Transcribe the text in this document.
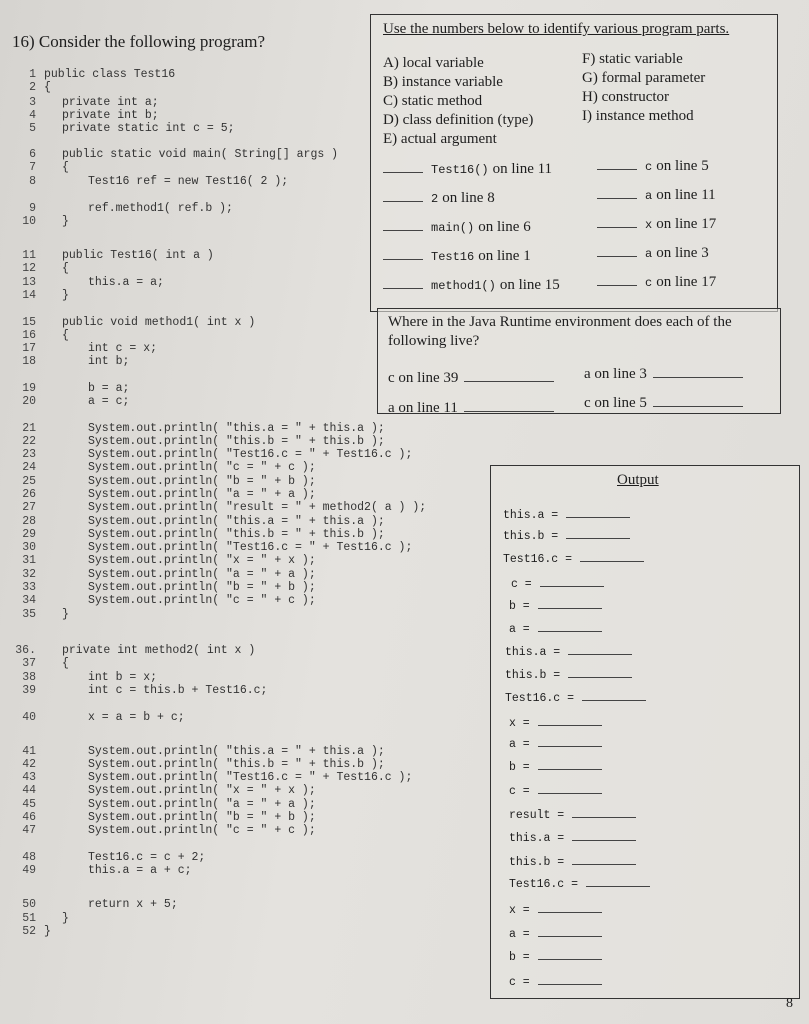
16) Consider the following program?
1 public class Test16
2 {
3 private int a;
4 private int b;
5 private static int c = 5;
6 public static void main( String[] args )
7 {
8	Test16 ref = new Test16( 2 );
9	ref.method1( ref.b );
10 }
11 public Test16( int a )
12 {
13	this.a = a;
14 }
15 public void method1( int x )
16 {
17	int c = x;
18	int b;
19	b = a;
20	a = c;
21	System.out.println( "this.a = " + this.a );
22	System.out.println( "this.b = " + this.b );
23	System.out.println( "Test16.c = " + Test16.c );
24	System.out.println( "c = " + c );
25	System.out.println( "b = " + b );
26	System.out.println( "a = " + a );
27	System.out.println( "result = " + method2( a ) );
28	System.out.println( "this.a = " + this.a );
29	System.out.println( "this.b = " + this.b );
30	System.out.println( "Test16.c = " + Test16.c );
31	System.out.println( "x = " + x );
32	System.out.println( "a = " + a );
33	System.out.println( "b = " + b );
34	System.out.println( "c = " + c );
35 }
36. private int method2( int x )
37 {
38	int b = x;
39	int c = this.b + Test16.c;
40	x = a = b + c;
41	System.out.println( "this.a = " + this.a );
42	System.out.println( "this.b = " + this.b );
43	System.out.println( "Test16.c = " + Test16.c );
44	System.out.println( "x = " + x );
45	System.out.println( "a = " + a );
46	System.out.println( "b = " + b );
47	System.out.println( "c = " + c );
48	Test16.c = c + 2;
49	this.a = a + c;
50	return x + 5;
51 }
52 }
Use the numbers below to identify various program parts.
A) local variable
B) instance variable
C) static method
D) class definition (type)
E) actual argument
F) static variable
G) formal parameter
H) constructor
I) instance method
Test16() on line 11
2 on line 8
main() on line 6
Test16 on line 1
method1() on line 15
c on line 5
a on line 11
x on line 17
a on line 3
c on line 17
Where in the Java Runtime environment does each of the following live?
c on line 39	a on line 3
a on line 11	c on line 5
Output
this.a =
this.b =
Test16.c =
c =
b =
a =
this.a =
this.b =
Test16.c =
x =
a =
b =
c =
result =
this.a =
this.b =
Test16.c =
x =
a =
b =
c =
8
